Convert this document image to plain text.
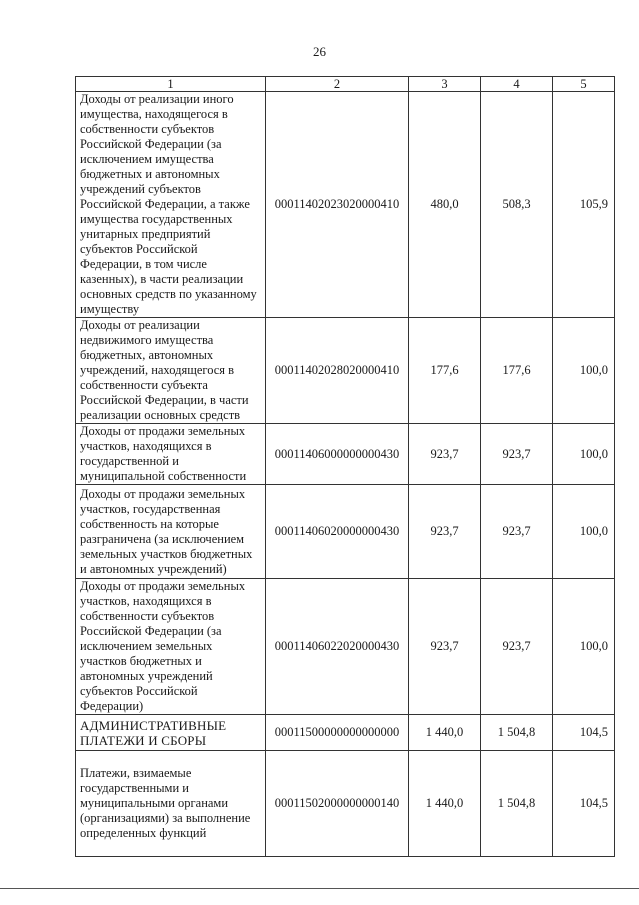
26
1	2	3	4	5
Доходы от реализации иного имущества, находящегося в собственности субъектов Российской Федерации (за исключением имущества бюджетных и автономных учреждений субъектов Российской Федерации, а также имущества государственных унитарных предприятий субъектов Российской Федерации, в том числе казенных), в части реализации основных средств по указанному имуществу	00011402023020000410	480,0	508,3	105,9
Доходы от реализации недвижимого имущества бюджетных, автономных учреждений, находящегося в собственности субъекта Российской Федерации, в части реализации основных средств	00011402028020000410	177,6	177,6	100,0
Доходы от продажи земельных участков, находящихся в государственной и муниципальной собственности	00011406000000000430	923,7	923,7	100,0
Доходы от продажи земельных участков, государственная собственность на которые разграничена (за исключением земельных участков бюджетных и автономных учреждений)	00011406020000000430	923,7	923,7	100,0
Доходы от продажи земельных участков, находящихся в собственности субъектов Российской Федерации (за исключением земельных участков бюджетных и автономных учреждений субъектов Российской Федерации)	00011406022020000430	923,7	923,7	100,0
АДМИНИСТРАТИВНЫЕ ПЛАТЕЖИ И СБОРЫ	00011500000000000000	1 440,0	1 504,8	104,5
Платежи, взимаемые государственными и муниципальными органами (организациями) за выполнение определенных функций	00011502000000000140	1 440,0	1 504,8	104,5
